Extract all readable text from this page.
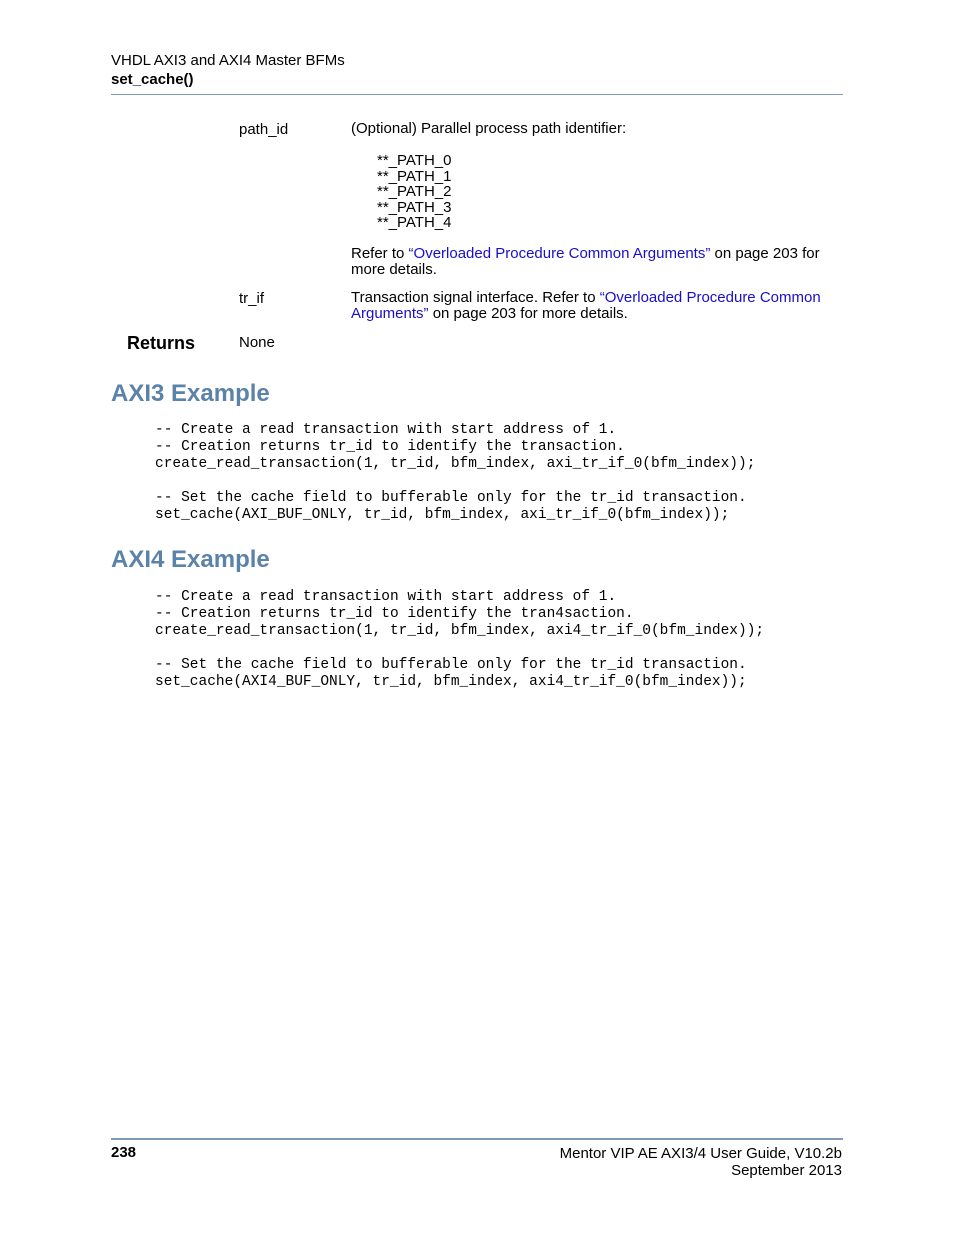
VHDL AXI3 and AXI4 Master BFMs
set_cache()
path_id	(Optional) Parallel process path identifier:
**_PATH_0
**_PATH_1
**_PATH_2
**_PATH_3
**_PATH_4
Refer to “Overloaded Procedure Common Arguments” on page 203 for more details.
tr_if	Transaction signal interface. Refer to “Overloaded Procedure Common Arguments” on page 203 for more details.
Returns	None
AXI3 Example
-- Create a read transaction with start address of 1.
-- Creation returns tr_id to identify the transaction.
create_read_transaction(1, tr_id, bfm_index, axi_tr_if_0(bfm_index));

-- Set the cache field to bufferable only for the tr_id transaction.
set_cache(AXI_BUF_ONLY, tr_id, bfm_index, axi_tr_if_0(bfm_index));
AXI4 Example
-- Create a read transaction with start address of 1.
-- Creation returns tr_id to identify the tran4saction.
create_read_transaction(1, tr_id, bfm_index, axi4_tr_if_0(bfm_index));

-- Set the cache field to bufferable only for the tr_id transaction.
set_cache(AXI4_BUF_ONLY, tr_id, bfm_index, axi4_tr_if_0(bfm_index));
238	Mentor VIP AE AXI3/4 User Guide, V10.2b
September 2013
